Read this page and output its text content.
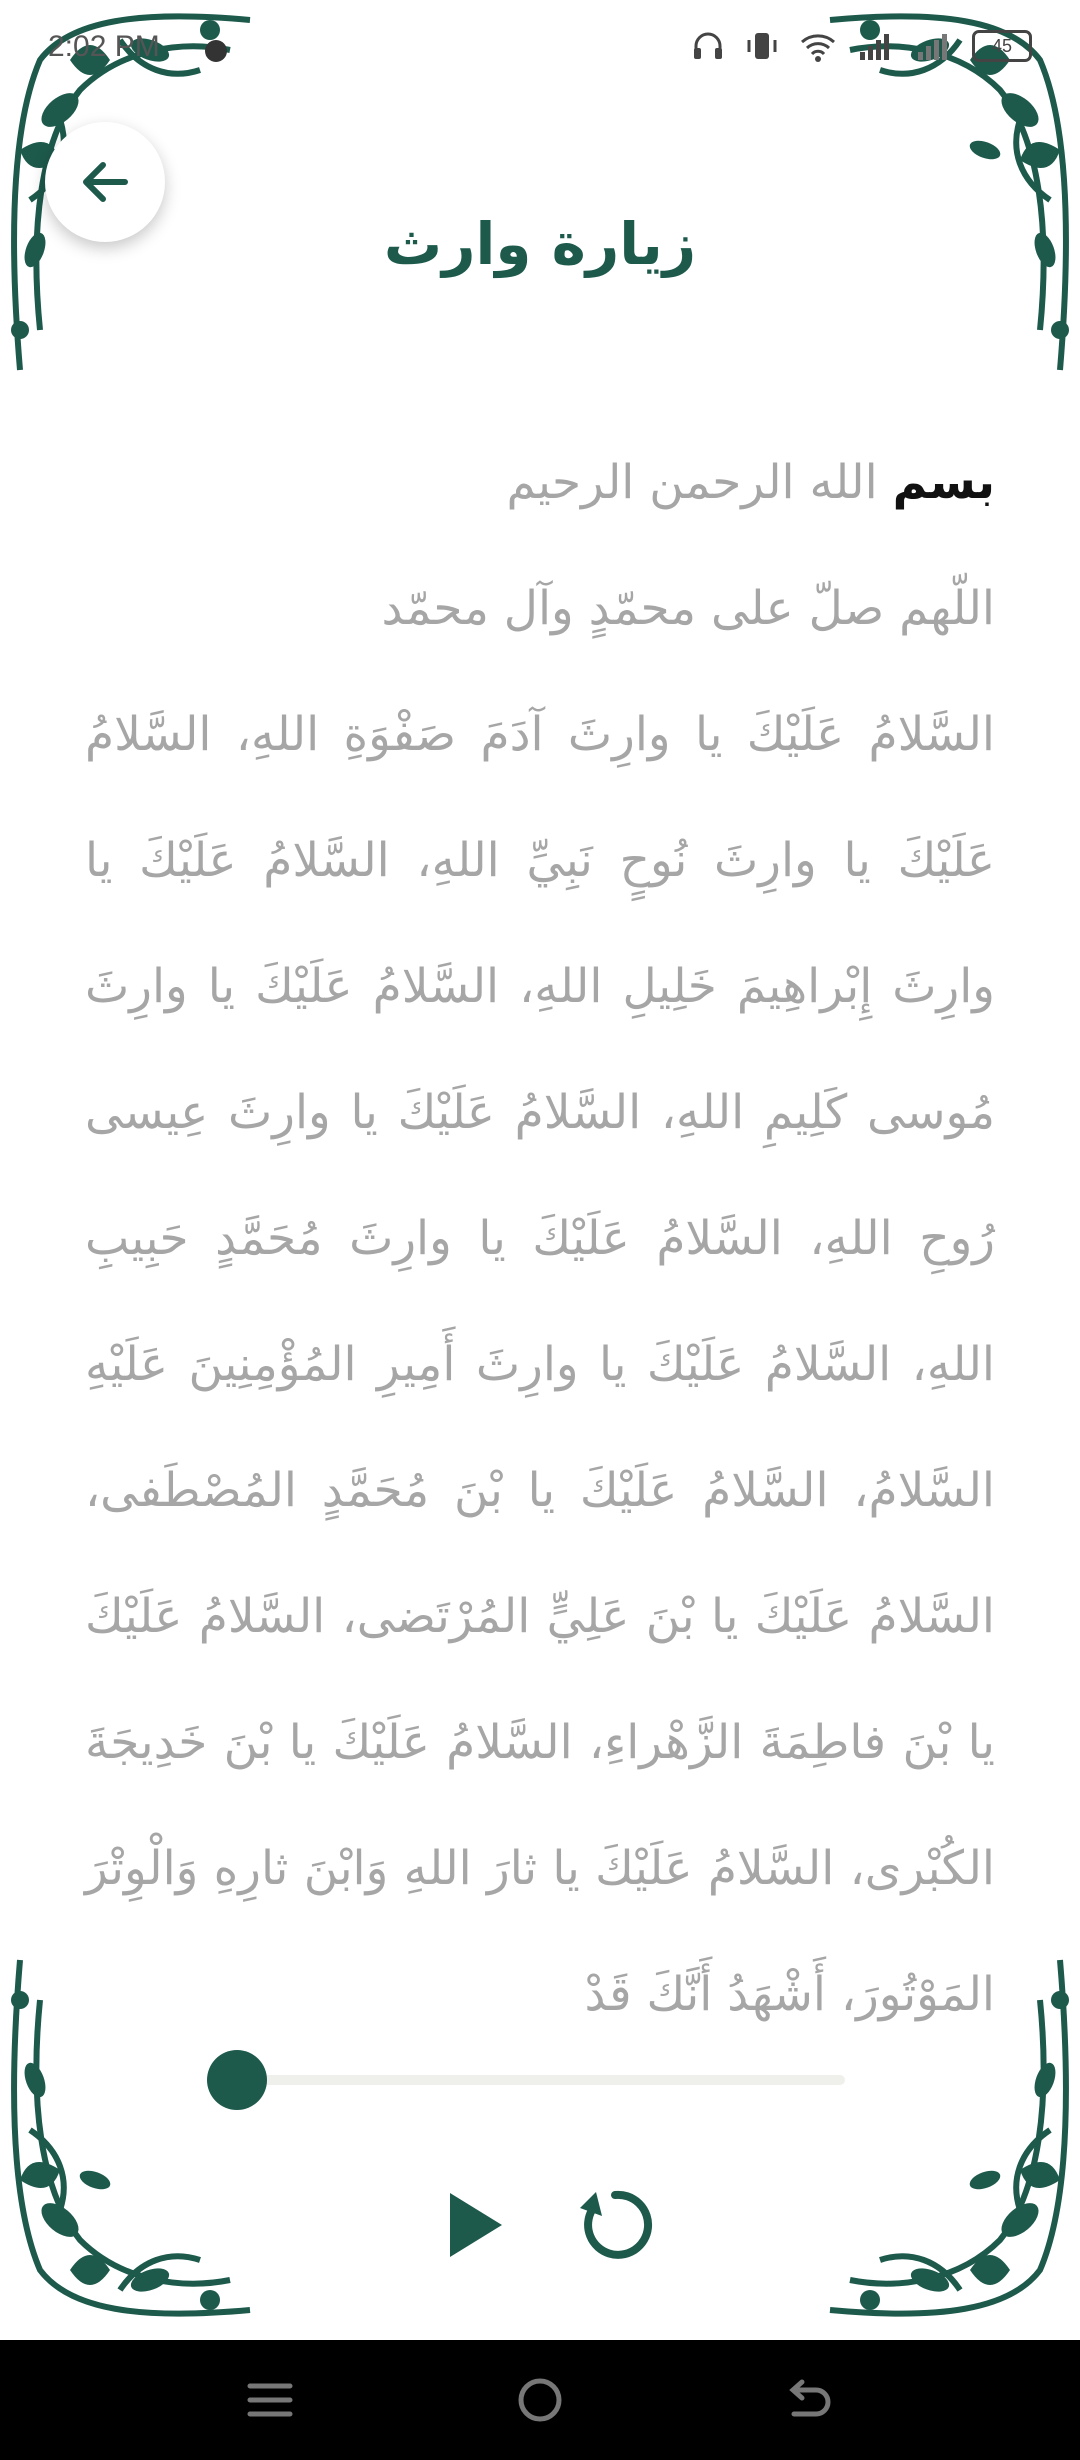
2:02 PM	45
زيارة وارث

بسم الله الرحمن الرحيم

اللّهم صلّ على محمّدٍ وآل محمّد

السَّلامُ عَلَيْكَ يا وارِثَ آدَمَ صَفْوَةِ اللهِ، السَّلامُ عَلَيْكَ يا وارِثَ نُوحٍ نَبِيِّ اللهِ، السَّلامُ عَلَيْكَ يا وارِثَ إِبْراهِيمَ خَلِيلِ اللهِ، السَّلامُ عَلَيْكَ يا وارِثَ مُوسى كَلِيمِ اللهِ، السَّلامُ عَلَيْكَ يا وارِثَ عِيسى رُوحِ اللهِ، السَّلامُ عَلَيْكَ يا وارِثَ مُحَمَّدٍ حَبِيبِ اللهِ، السَّلامُ عَلَيْكَ يا وارِثَ أَمِيرِ المُؤْمِنِينَ عَلَيْهِ السَّلامُ، السَّلامُ عَلَيْكَ يا بْنَ مُحَمَّدٍ المُصْطَفى، السَّلامُ عَلَيْكَ يا بْنَ عَلِيٍّ المُرْتَضى، السَّلامُ عَلَيْكَ يا بْنَ فاطِمَةَ الزَّهْراءِ، السَّلامُ عَلَيْكَ يا بْنَ خَدِيجَةَ الكُبْرى، السَّلامُ عَلَيْكَ يا ثارَ اللهِ وَابْنَ ثارِهِ وَالْوِتْرَ المَوْتُورَ، أَشْهَدُ أَنَّكَ قَدْ
